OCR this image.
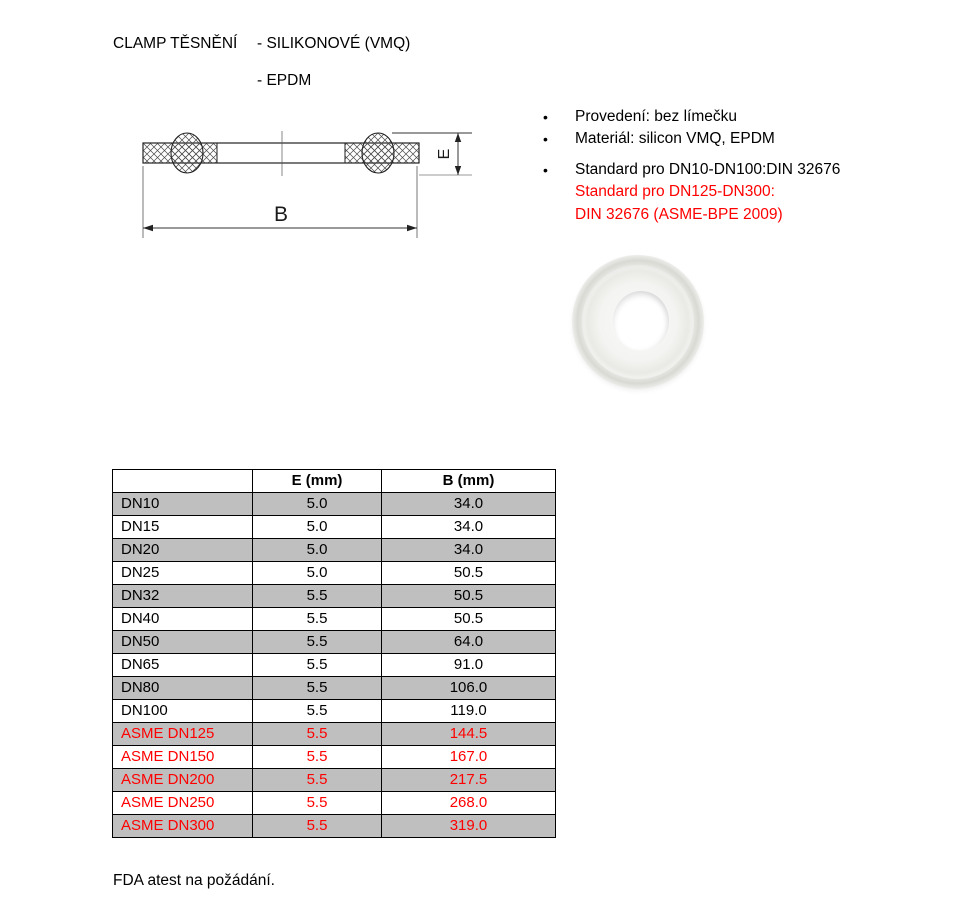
CLAMP TĚSNĚNÍ - SILIKONOVÉ (VMQ)
- EPDM
E
B
•	Provedení: bez límečku
•	Materiál: silicon VMQ, EPDM
•	Standard pro DN10-DN100:DIN 32676
Standard pro DN125-DN300:
DIN 32676 (ASME-BPE 2009)
	E (mm)	B (mm)
DN10	5.0	34.0
DN15	5.0	34.0
DN20	5.0	34.0
DN25	5.0	50.5
DN32	5.5	50.5
DN40	5.5	50.5
DN50	5.5	64.0
DN65	5.5	91.0
DN80	5.5	106.0
DN100	5.5	119.0
ASME DN125	5.5	144.5
ASME DN150	5.5	167.0
ASME DN200	5.5	217.5
ASME DN250	5.5	268.0
ASME DN300	5.5	319.0
FDA atest na požádání.
